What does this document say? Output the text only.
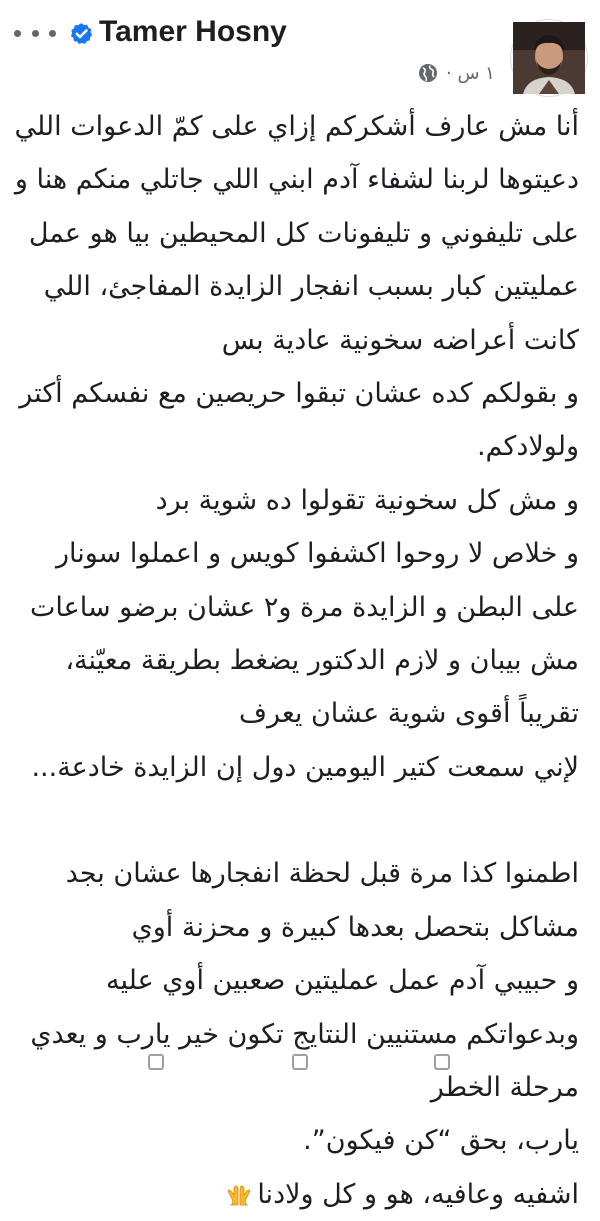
Tamer Hosny
١ س ·
أنا مش عارف أشكركم إزاي على كمّ الدعوات اللي
دعيتوها لربنا لشفاء آدم ابني اللي جاتلي منكم هنا و
على تليفوني و تليفونات كل المحيطين بيا هو عمل
عمليتين كبار بسبب انفجار الزايدة المفاجئ، اللي
كانت أعراضه سخونية عادية بس
و بقولكم كده عشان تبقوا حريصين مع نفسكم أكتر
ولولادكم.
و مش كل سخونية تقولوا ده شوية برد
و خلاص لا روحوا اكشفوا كويس و اعملوا سونار
على البطن و الزايدة مرة و٢ عشان برضو ساعات
مش بيبان و لازم الدكتور يضغط بطريقة معيّنة،
تقريباً أقوى شوية عشان يعرف
لإني سمعت كتير اليومين دول إن الزايدة خادعة...
اطمنوا كذا مرة قبل لحظة انفجارها عشان بجد
مشاكل بتحصل بعدها كبيرة و محزنة أوي
و حبيبي آدم عمل عمليتين صعبين أوي عليه
وبدعواتكم مستنيين النتايج تكون خير يارب و يعدي
مرحلة الخطر
يارب، بحق “كن فيكون”.
اشفيه وعافيه، هو و كل ولادنا
